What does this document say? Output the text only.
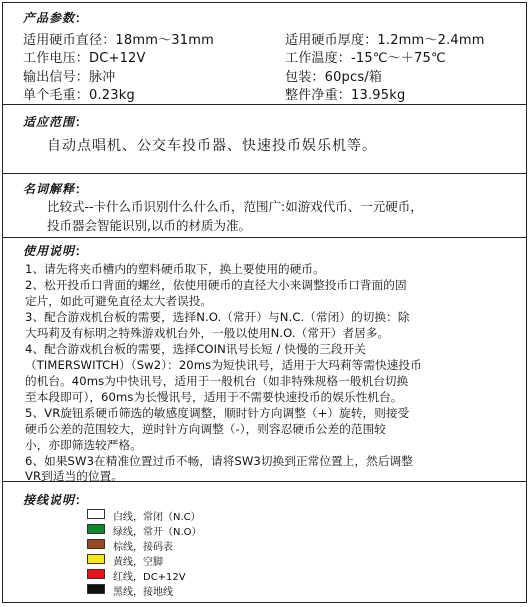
产品参数：
适用硬币直径：18mm～31mm	适用硬币厚度：1.2mm～2.4mm
工作电压：DC+12V	工作温度：-15℃～＋75℃
输出信号：脉冲	包装：60pcs/箱
单个毛重：0.23kg	整件净重：13.95kg
适应范围：
自动点唱机、公交车投币器、快速投币娱乐机等。
名词解释：
比较式--卡什么币识别什么什么币，范围广:如游戏代币、一元硬币，
投币器会智能识别,以币的材质为准。
使用说明：
1、请先将夹币槽内的塑料硬币取下，换上要使用的硬币。
2、松开投币口背面的螺丝，依使用硬币的直径大小来调整投币口背面的固
定片，如此可避免直径太大者误投。
3、配合游戏机台板的需要，选择N.O.（常开）与N.C.（常闭）的切换：除
大玛莉及有标明之特殊游戏机台外，一般以使用N.O.（常开）者居多。
4、配合游戏机台板的需要，选择COIN讯号长短 / 快慢的三段开关
（TIMERSWITCH）（Sw2）：20ms为短快讯号，适用于大玛莉等需快速投币
的机台。40ms为中快讯号，适用于一般机台（如非特殊规格一般机台切换
至本段即可），60ms为长慢讯号，适用于不需要快速投币的娱乐性机台。
5、VR旋钮系硬币筛选的敏感度调整，顺时针方向调整（+）旋转，则接受
硬币公差的范围较大，逆时针方向调整（-），则容忍硬币公差的范围较
小，亦即筛选较严格。
6、如果SW3在精准位置过币不畅，请将SW3切换到正常位置上，然后调整
VR到适当的位置。
接线说明：
白线，常闭（N.C）
绿线，常开（N.O）
棕线，接码表
黄线，空脚
红线，DC+12V
黑线，接地线
